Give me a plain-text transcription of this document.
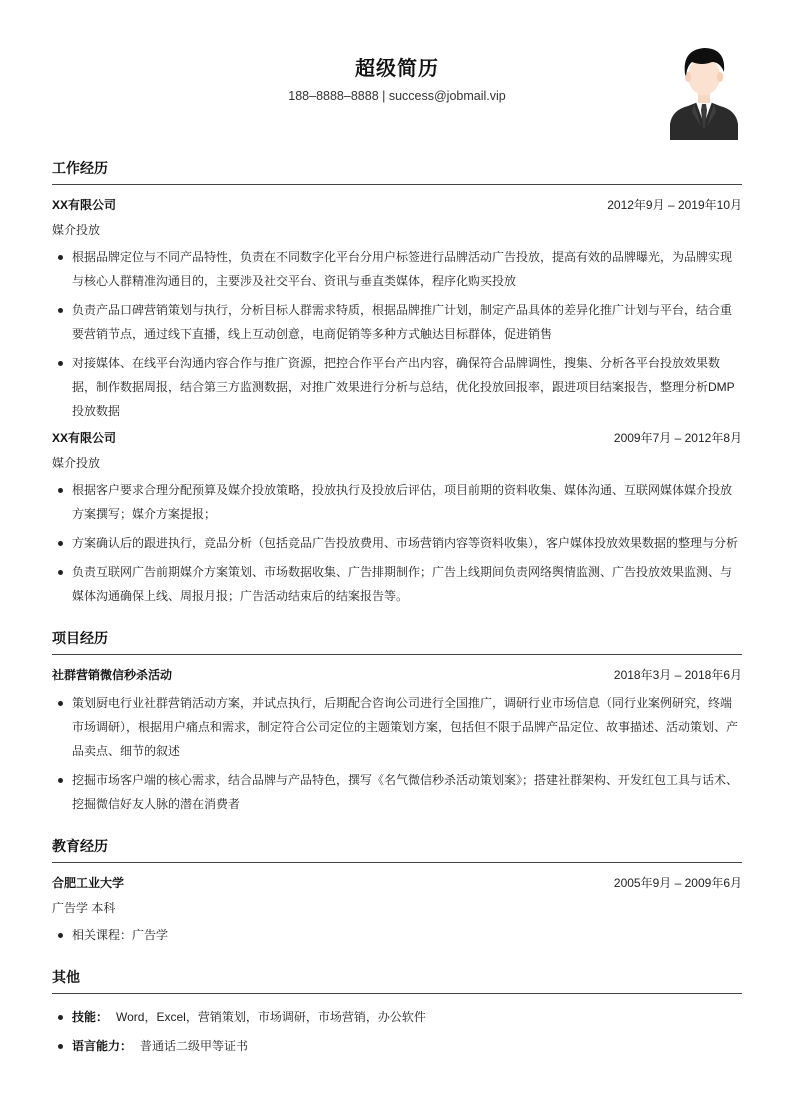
超级简历
188–8888–8888 | success@jobmail.vip
工作经历
XX有限公司	2012年9月 – 2019年10月
媒介投放
根据品牌定位与不同产品特性，负责在不同数字化平台分用户标签进行品牌活动广告投放，提高有效的品牌曝光，为品牌实现与核心人群精准沟通目的，主要涉及社交平台、资讯与垂直类媒体，程序化购买投放
负责产品口碑营销策划与执行，分析目标人群需求特质，根据品牌推广计划，制定产品具体的差异化推广计划与平台，结合重要营销节点，通过线下直播，线上互动创意，电商促销等多种方式触达目标群体，促进销售
对接媒体、在线平台沟通内容合作与推广资源，把控合作平台产出内容，确保符合品牌调性，搜集、分析各平台投放效果数据，制作数据周报，结合第三方监测数据，对推广效果进行分析与总结，优化投放回报率，跟进项目结案报告，整理分析DMP投放数据
XX有限公司	2009年7月 – 2012年8月
媒介投放
根据客户要求合理分配预算及媒介投放策略，投放执行及投放后评估，项目前期的资料收集、媒体沟通、互联网媒体媒介投放方案撰写；媒介方案提报；
方案确认后的跟进执行，竞品分析（包括竞品广告投放费用、市场营销内容等资料收集），客户媒体投放效果数据的整理与分析
负责互联网广告前期媒介方案策划、市场数据收集、广告排期制作；广告上线期间负责网络舆情监测、广告投放效果监测、与媒体沟通确保上线、周报月报；广告活动结束后的结案报告等。
项目经历
社群营销微信秒杀活动	2018年3月 – 2018年6月
策划厨电行业社群营销活动方案，并试点执行，后期配合咨询公司进行全国推广，调研行业市场信息（同行业案例研究，终端市场调研），根据用户痛点和需求，制定符合公司定位的主题策划方案，包括但不限于品牌产品定位、故事描述、活动策划、产品卖点、细节的叙述
挖掘市场客户端的核心需求，结合品牌与产品特色，撰写《名气微信秒杀活动策划案》；搭建社群架构、开发红包工具与话术、挖掘微信好友人脉的潜在消费者
教育经历
合肥工业大学	2005年9月 – 2009年6月
广告学 本科
相关课程：广告学
其他
技能： Word，Excel，营销策划，市场调研，市场营销，办公软件
语言能力： 普通话二级甲等证书
